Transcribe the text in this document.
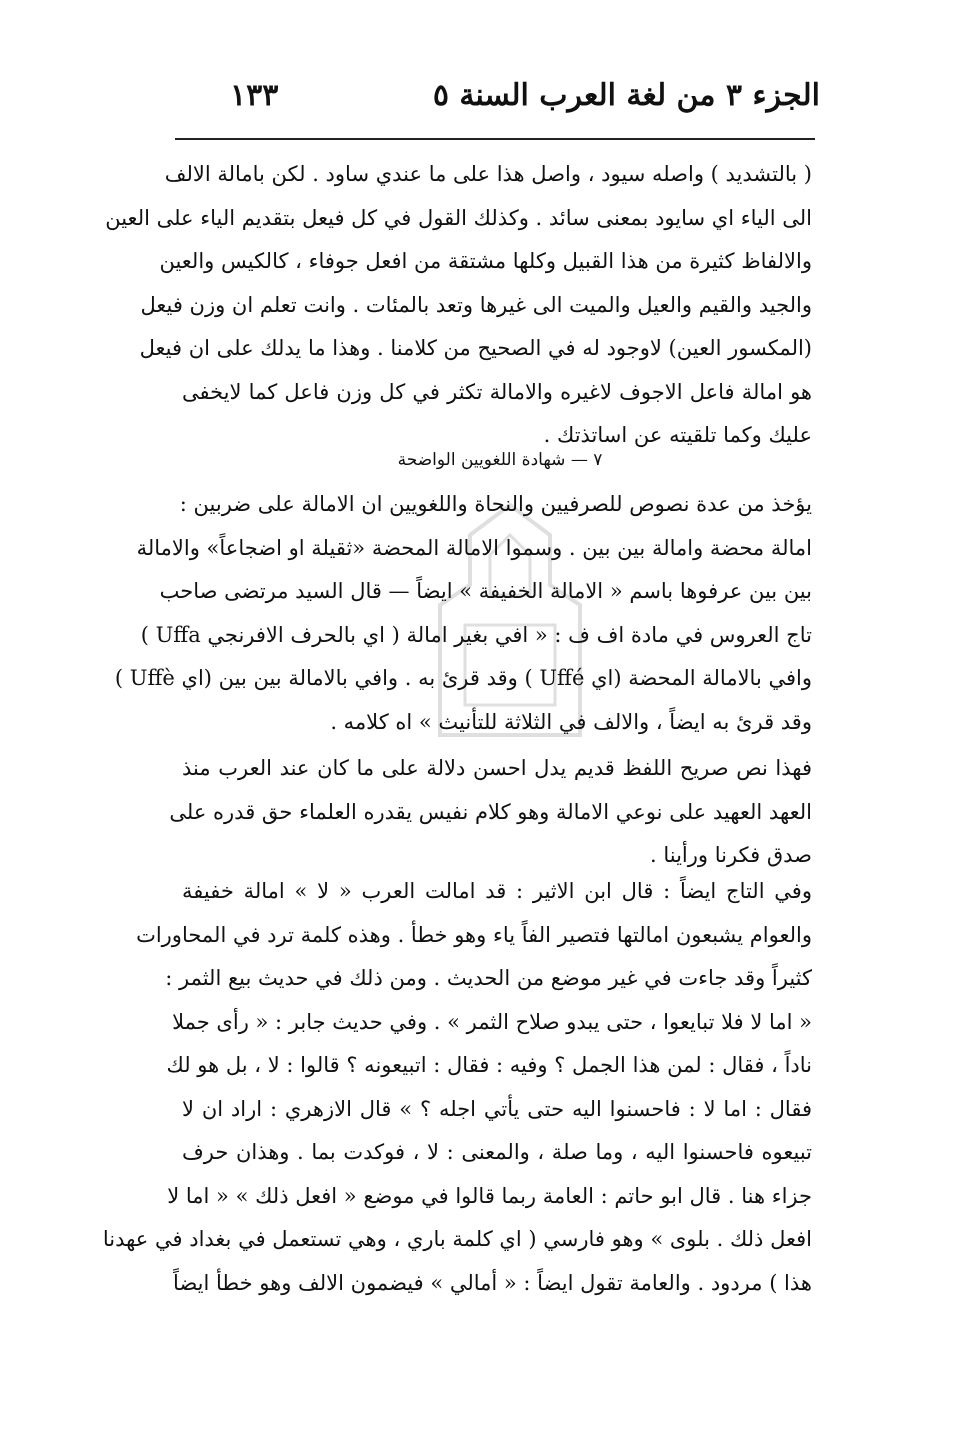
الجزء ٣ من لغة العرب السنة ٥
١٣٣
( بالتشديد ) واصله سيود ، واصل هذا على ما عندي ساود . لكن بامالة الالف
الى الياء اي سايود بمعنى سائد . وكذلك القول في كل فيعل بتقديم الياء على العين
والالفاظ كثيرة من هذا القبيل وكلها مشتقة من افعل جوفاء ، كالكيس والعين
والجيد والقيم والعيل والميت الى غيرها وتعد بالمئات . وانت تعلم ان وزن فيعل
(المكسور العين) لاوجود له في الصحيح من كلامنا . وهذا ما يدلك على ان فيعل
هو امالة فاعل الاجوف لاغيره والامالة تكثر في كل وزن فاعل كما لايخفى
عليك وكما تلقيته عن اساتذتك .
٧ — شهادة اللغويين الواضحة
يؤخذ من عدة نصوص للصرفيين والنحاة واللغويين ان الامالة على ضربين :
امالة محضة وامالة بين بين . وسموا الامالة المحضة «ثقيلة او اضجاعاً» والامالة
بين بين عرفوها باسم « الامالة الخفيفة » ايضاً — قال السيد مرتضى صاحب
تاج العروس في مادة اف ف : « افي بغير امالة ( اي بالحرف الافرنجي Uffa )
وافي بالامالة المحضة (اي Uffé ) وقد قرئ به . وافي بالامالة بين بين (اي Uffè )
وقد قرئ به ايضاً ، والالف في الثلاثة للتأنيث » اه كلامه .
فهذا نص صريح اللفظ قديم يدل احسن دلالة على ما كان عند العرب منذ
العهد العهيد على نوعي الامالة وهو كلام نفيس يقدره العلماء حق قدره على
صدق فكرنا ورأينا .
وفي التاج ايضاً : قال ابن الاثير : قد امالت العرب « لا » امالة خفيفة
والعوام يشبعون امالتها فتصير الفاً ياء وهو خطأ . وهذه كلمة ترد في المحاورات
كثيراً وقد جاءت في غير موضع من الحديث . ومن ذلك في حديث بيع الثمر :
« اما لا فلا تبايعوا ، حتى يبدو صلاح الثمر » . وفي حديث جابر : « رأى جملا
ناداً ، فقال : لمن هذا الجمل ؟ وفيه : فقال : اتبيعونه ؟ قالوا : لا ، بل هو لك
فقال : اما لا : فاحسنوا اليه حتى يأتي اجله ؟ » قال الازهري : اراد ان لا
تبيعوه فاحسنوا اليه ، وما صلة ، والمعنى : لا ، فوكدت بما . وهذان حرف
جزاء هنا . قال ابو حاتم : العامة ربما قالوا في موضع « افعل ذلك » « اما لا
افعل ذلك . بلوى » وهو فارسي ( اي كلمة باري ، وهي تستعمل في بغداد في عهدنا
هذا ) مردود . والعامة تقول ايضاً : « أمالي » فيضمون الالف وهو خطأ ايضاً
